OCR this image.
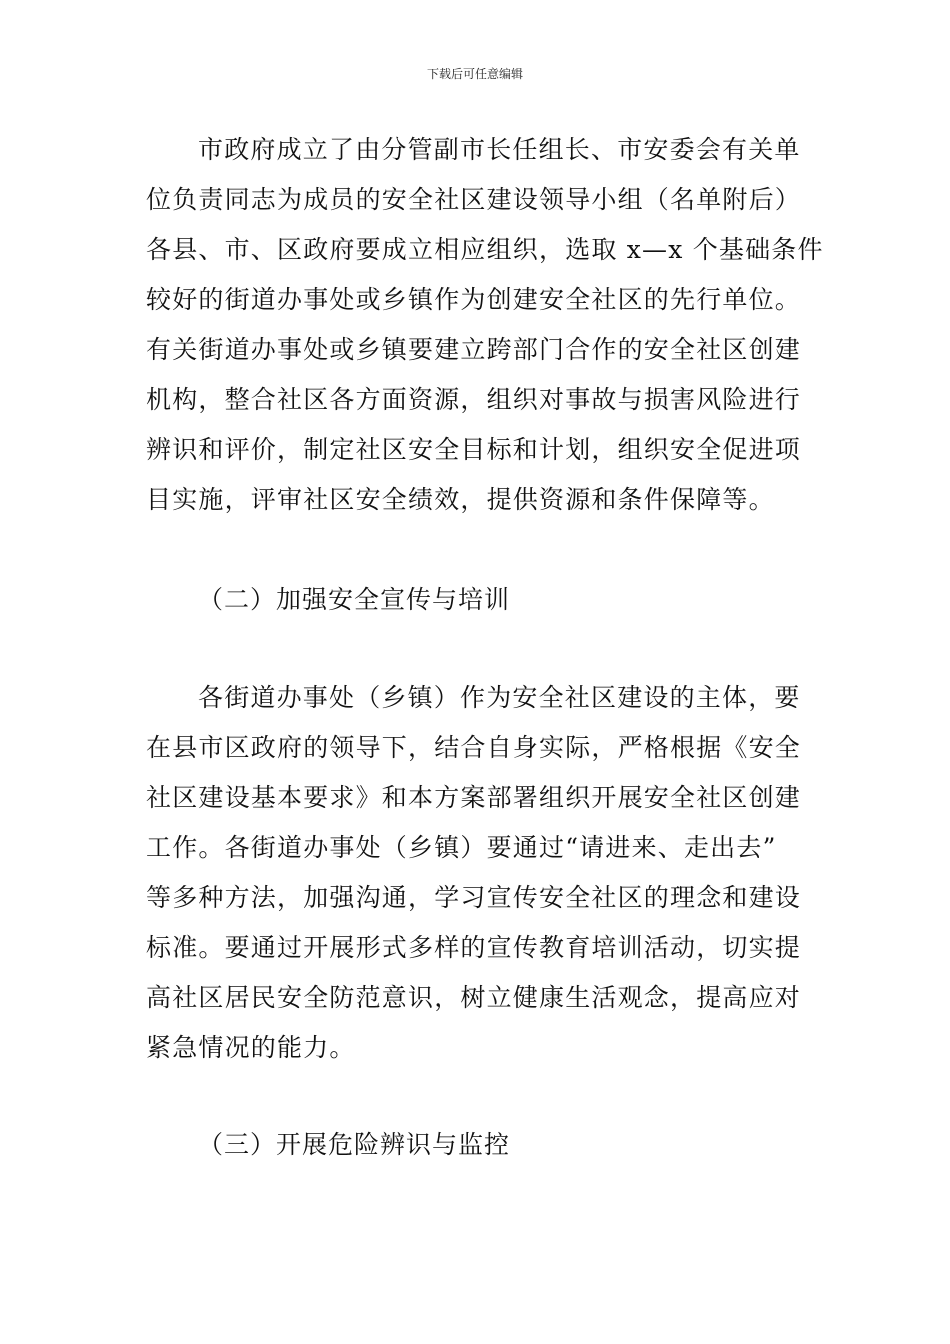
下载后可任意编辑
市政府成立了由分管副市长任组长、市安委会有关单
位负责同志为成员的安全社区建设领导小组（名单附后）
各县、市、区政府要成立相应组织，选取 x—x 个基础条件
较好的街道办事处或乡镇作为创建安全社区的先行单位。
有关街道办事处或乡镇要建立跨部门合作的安全社区创建
机构，整合社区各方面资源，组织对事故与损害风险进行
辨识和评价，制定社区安全目标和计划，组织安全促进项
目实施，评审社区安全绩效，提供资源和条件保障等。
（二）加强安全宣传与培训
各街道办事处（乡镇）作为安全社区建设的主体，要
在县市区政府的领导下，结合自身实际，严格根据《安全
社区建设基本要求》和本方案部署组织开展安全社区创建
工作。各街道办事处（乡镇）要通过“请进来、走出去”
等多种方法，加强沟通，学习宣传安全社区的理念和建设
标准。要通过开展形式多样的宣传教育培训活动，切实提
高社区居民安全防范意识，树立健康生活观念，提高应对
紧急情况的能力。
（三）开展危险辨识与监控
